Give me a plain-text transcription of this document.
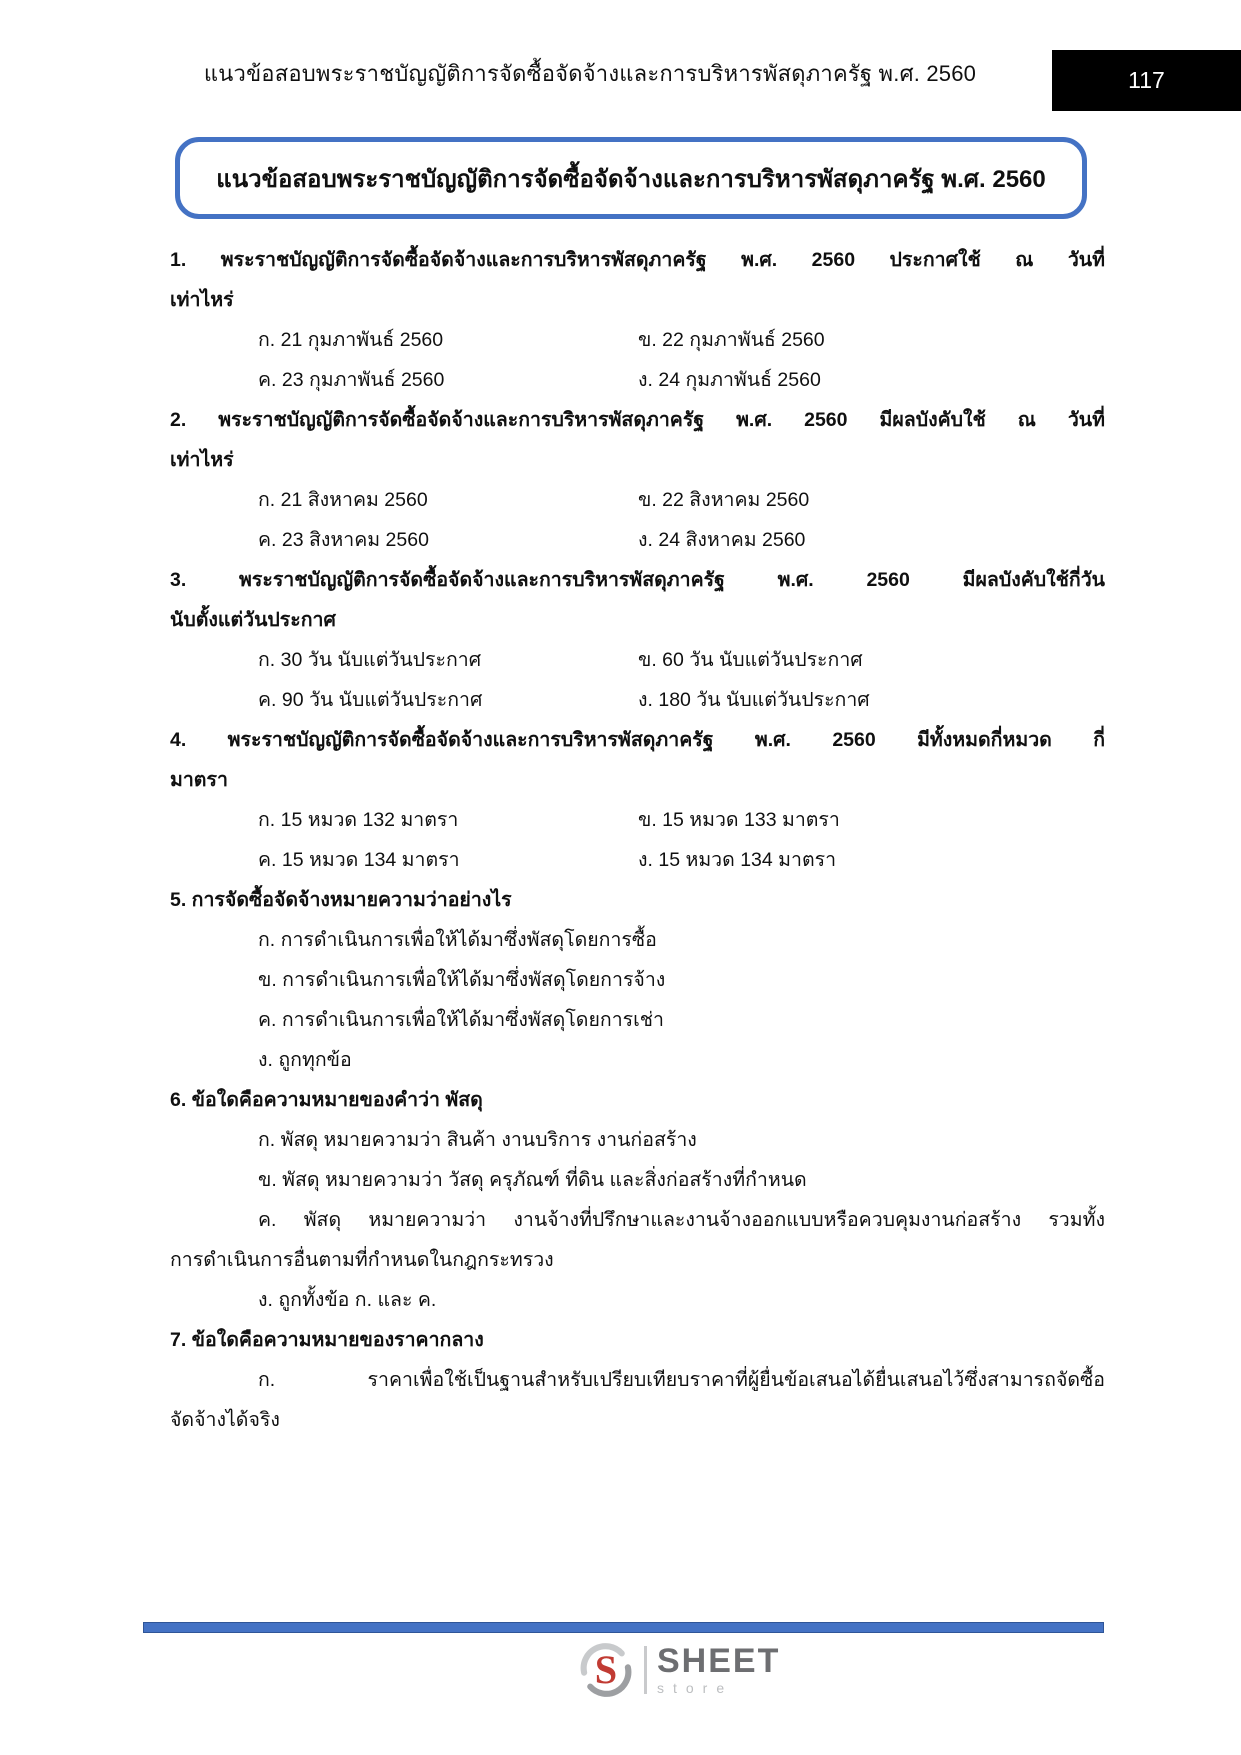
แนวข้อสอบพระราชบัญญัติการจัดซื้อจัดจ้างและการบริหารพัสดุภาครัฐ พ.ศ. 2560	117
แนวข้อสอบพระราชบัญญัติการจัดซื้อจัดจ้างและการบริหารพัสดุภาครัฐ พ.ศ. 2560
1. พระราชบัญญัติการจัดซื้อจัดจ้างและการบริหารพัสดุภาครัฐ พ.ศ. 2560 ประกาศใช้ ณ วันที่
เท่าไหร่
ก. 21 กุมภาพันธ์ 2560	ข. 22 กุมภาพันธ์ 2560
ค. 23 กุมภาพันธ์ 2560	ง. 24 กุมภาพันธ์ 2560
2. พระราชบัญญัติการจัดซื้อจัดจ้างและการบริหารพัสดุภาครัฐ พ.ศ. 2560 มีผลบังคับใช้ ณ วันที่
เท่าไหร่
ก. 21 สิงหาคม 2560	ข. 22 สิงหาคม 2560
ค. 23 สิงหาคม 2560	ง. 24 สิงหาคม 2560
3. พระราชบัญญัติการจัดซื้อจัดจ้างและการบริหารพัสดุภาครัฐ พ.ศ. 2560 มีผลบังคับใช้กี่วัน
นับตั้งแต่วันประกาศ
ก. 30 วัน นับแต่วันประกาศ	ข. 60 วัน นับแต่วันประกาศ
ค. 90 วัน นับแต่วันประกาศ	ง. 180 วัน นับแต่วันประกาศ
4. พระราชบัญญัติการจัดซื้อจัดจ้างและการบริหารพัสดุภาครัฐ พ.ศ. 2560 มีทั้งหมดกี่หมวด กี่
มาตรา
ก. 15 หมวด 132 มาตรา	ข. 15 หมวด 133 มาตรา
ค. 15 หมวด 134 มาตรา	ง. 15 หมวด 134 มาตรา
5. การจัดซื้อจัดจ้างหมายความว่าอย่างไร
ก. การดำเนินการเพื่อให้ได้มาซึ่งพัสดุโดยการซื้อ
ข. การดำเนินการเพื่อให้ได้มาซึ่งพัสดุโดยการจ้าง
ค. การดำเนินการเพื่อให้ได้มาซึ่งพัสดุโดยการเช่า
ง. ถูกทุกข้อ
6. ข้อใดคือความหมายของคำว่า พัสดุ
ก. พัสดุ หมายความว่า สินค้า งานบริการ งานก่อสร้าง
ข. พัสดุ หมายความว่า วัสดุ ครุภัณฑ์ ที่ดิน และสิ่งก่อสร้างที่กำหนด
ค. พัสดุ หมายความว่า งานจ้างที่ปรึกษาและงานจ้างออกแบบหรือควบคุมงานก่อสร้าง รวมทั้ง
การดำเนินการอื่นตามที่กำหนดในกฎกระทรวง
ง. ถูกทั้งข้อ ก. และ ค.
7. ข้อใดคือความหมายของราคากลาง
ก. ราคาเพื่อใช้เป็นฐานสำหรับเปรียบเทียบราคาที่ผู้ยื่นข้อเสนอได้ยื่นเสนอไว้ซึ่งสามารถจัดซื้อ
จัดจ้างได้จริง
S SHEET
store
